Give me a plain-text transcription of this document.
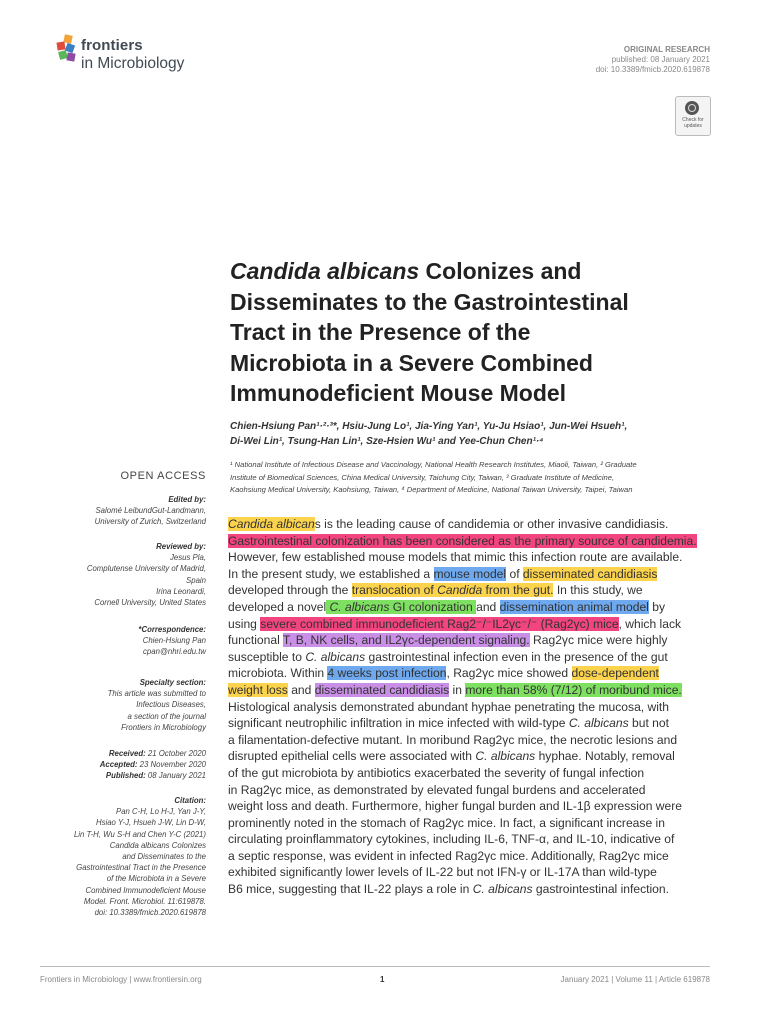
frontiers
in Microbiology
ORIGINAL RESEARCH
published: 08 January 2021
doi: 10.3389/fmicb.2020.619878
Check for updates
Candida albicans Colonizes and
Disseminates to the Gastrointestinal
Tract in the Presence of the
Microbiota in a Severe Combined
Immunodeficient Mouse Model
Chien-Hsiung Pan¹·²·³*, Hsiu-Jung Lo¹, Jia-Ying Yan¹, Yu-Ju Hsiao¹, Jun-Wei Hsueh¹,
Di-Wei Lin¹, Tsung-Han Lin¹, Sze-Hsien Wu¹ and Yee-Chun Chen¹·⁴
¹ National Institute of Infectious Disease and Vaccinology, National Health Research Institutes, Miaoli, Taiwan, ² Graduate
Institute of Biomedical Sciences, China Medical University, Taichung City, Taiwan, ³ Graduate Institute of Medicine,
Kaohsiung Medical University, Kaohsiung, Taiwan, ⁴ Department of Medicine, National Taiwan University, Taipei, Taiwan
OPEN ACCESS
Edited by:
Salomé LeibundGut-Landmann,
University of Zurich, Switzerland
Reviewed by:
Jesus Pla,
Complutense University of Madrid,
Spain
Irina Leonardi,
Cornell University, United States
*Correspondence:
Chien-Hsiung Pan
cpan@nhri.edu.tw
Specialty section:
This article was submitted to
Infectious Diseases,
a section of the journal
Frontiers in Microbiology
Received: 21 October 2020
Accepted: 23 November 2020
Published: 08 January 2021
Citation:
Pan C-H, Lo H-J, Yan J-Y,
Hsiao Y-J, Hsueh J-W, Lin D-W,
Lin T-H, Wu S-H and Chen Y-C (2021)
Candida albicans Colonizes
and Disseminates to the
Gastrointestinal Tract in the Presence
of the Microbiota in a Severe
Combined Immunodeficient Mouse
Model. Front. Microbiol. 11:619878.
doi: 10.3389/fmicb.2020.619878
Candida albicans is the leading cause of candidemia or other invasive candidiasis.
Gastrointestinal colonization has been considered as the primary source of candidemia.
However, few established mouse models that mimic this infection route are available.
In the present study, we established a mouse model of disseminated candidiasis
developed through the translocation of Candida from the gut. In this study, we
developed a novel C. albicans GI colonization and dissemination animal model by
using severe combined immunodeficient Rag2⁻/⁻IL2γc⁻/⁻ (Rag2γc) mice, which lack
functional T, B, NK cells, and IL2γc-dependent signaling. Rag2γc mice were highly
susceptible to C. albicans gastrointestinal infection even in the presence of the gut
microbiota. Within 4 weeks post infection, Rag2γc mice showed dose-dependent
weight loss and disseminated candidiasis in more than 58% (7/12) of moribund mice.
Histological analysis demonstrated abundant hyphae penetrating the mucosa, with
significant neutrophilic infiltration in mice infected with wild-type C. albicans but not
a filamentation-defective mutant. In moribund Rag2γc mice, the necrotic lesions and
disrupted epithelial cells were associated with C. albicans hyphae. Notably, removal
of the gut microbiota by antibiotics exacerbated the severity of fungal infection
in Rag2γc mice, as demonstrated by elevated fungal burdens and accelerated
weight loss and death. Furthermore, higher fungal burden and IL-1β expression were
prominently noted in the stomach of Rag2γc mice. In fact, a significant increase in
circulating proinflammatory cytokines, including IL-6, TNF-α, and IL-10, indicative of
a septic response, was evident in infected Rag2γc mice. Additionally, Rag2γc mice
exhibited significantly lower levels of IL-22 but not IFN-γ or IL-17A than wild-type
B6 mice, suggesting that IL-22 plays a role in C. albicans gastrointestinal infection.
Frontiers in Microbiology | www.frontiersin.org	1	January 2021 | Volume 11 | Article 619878
